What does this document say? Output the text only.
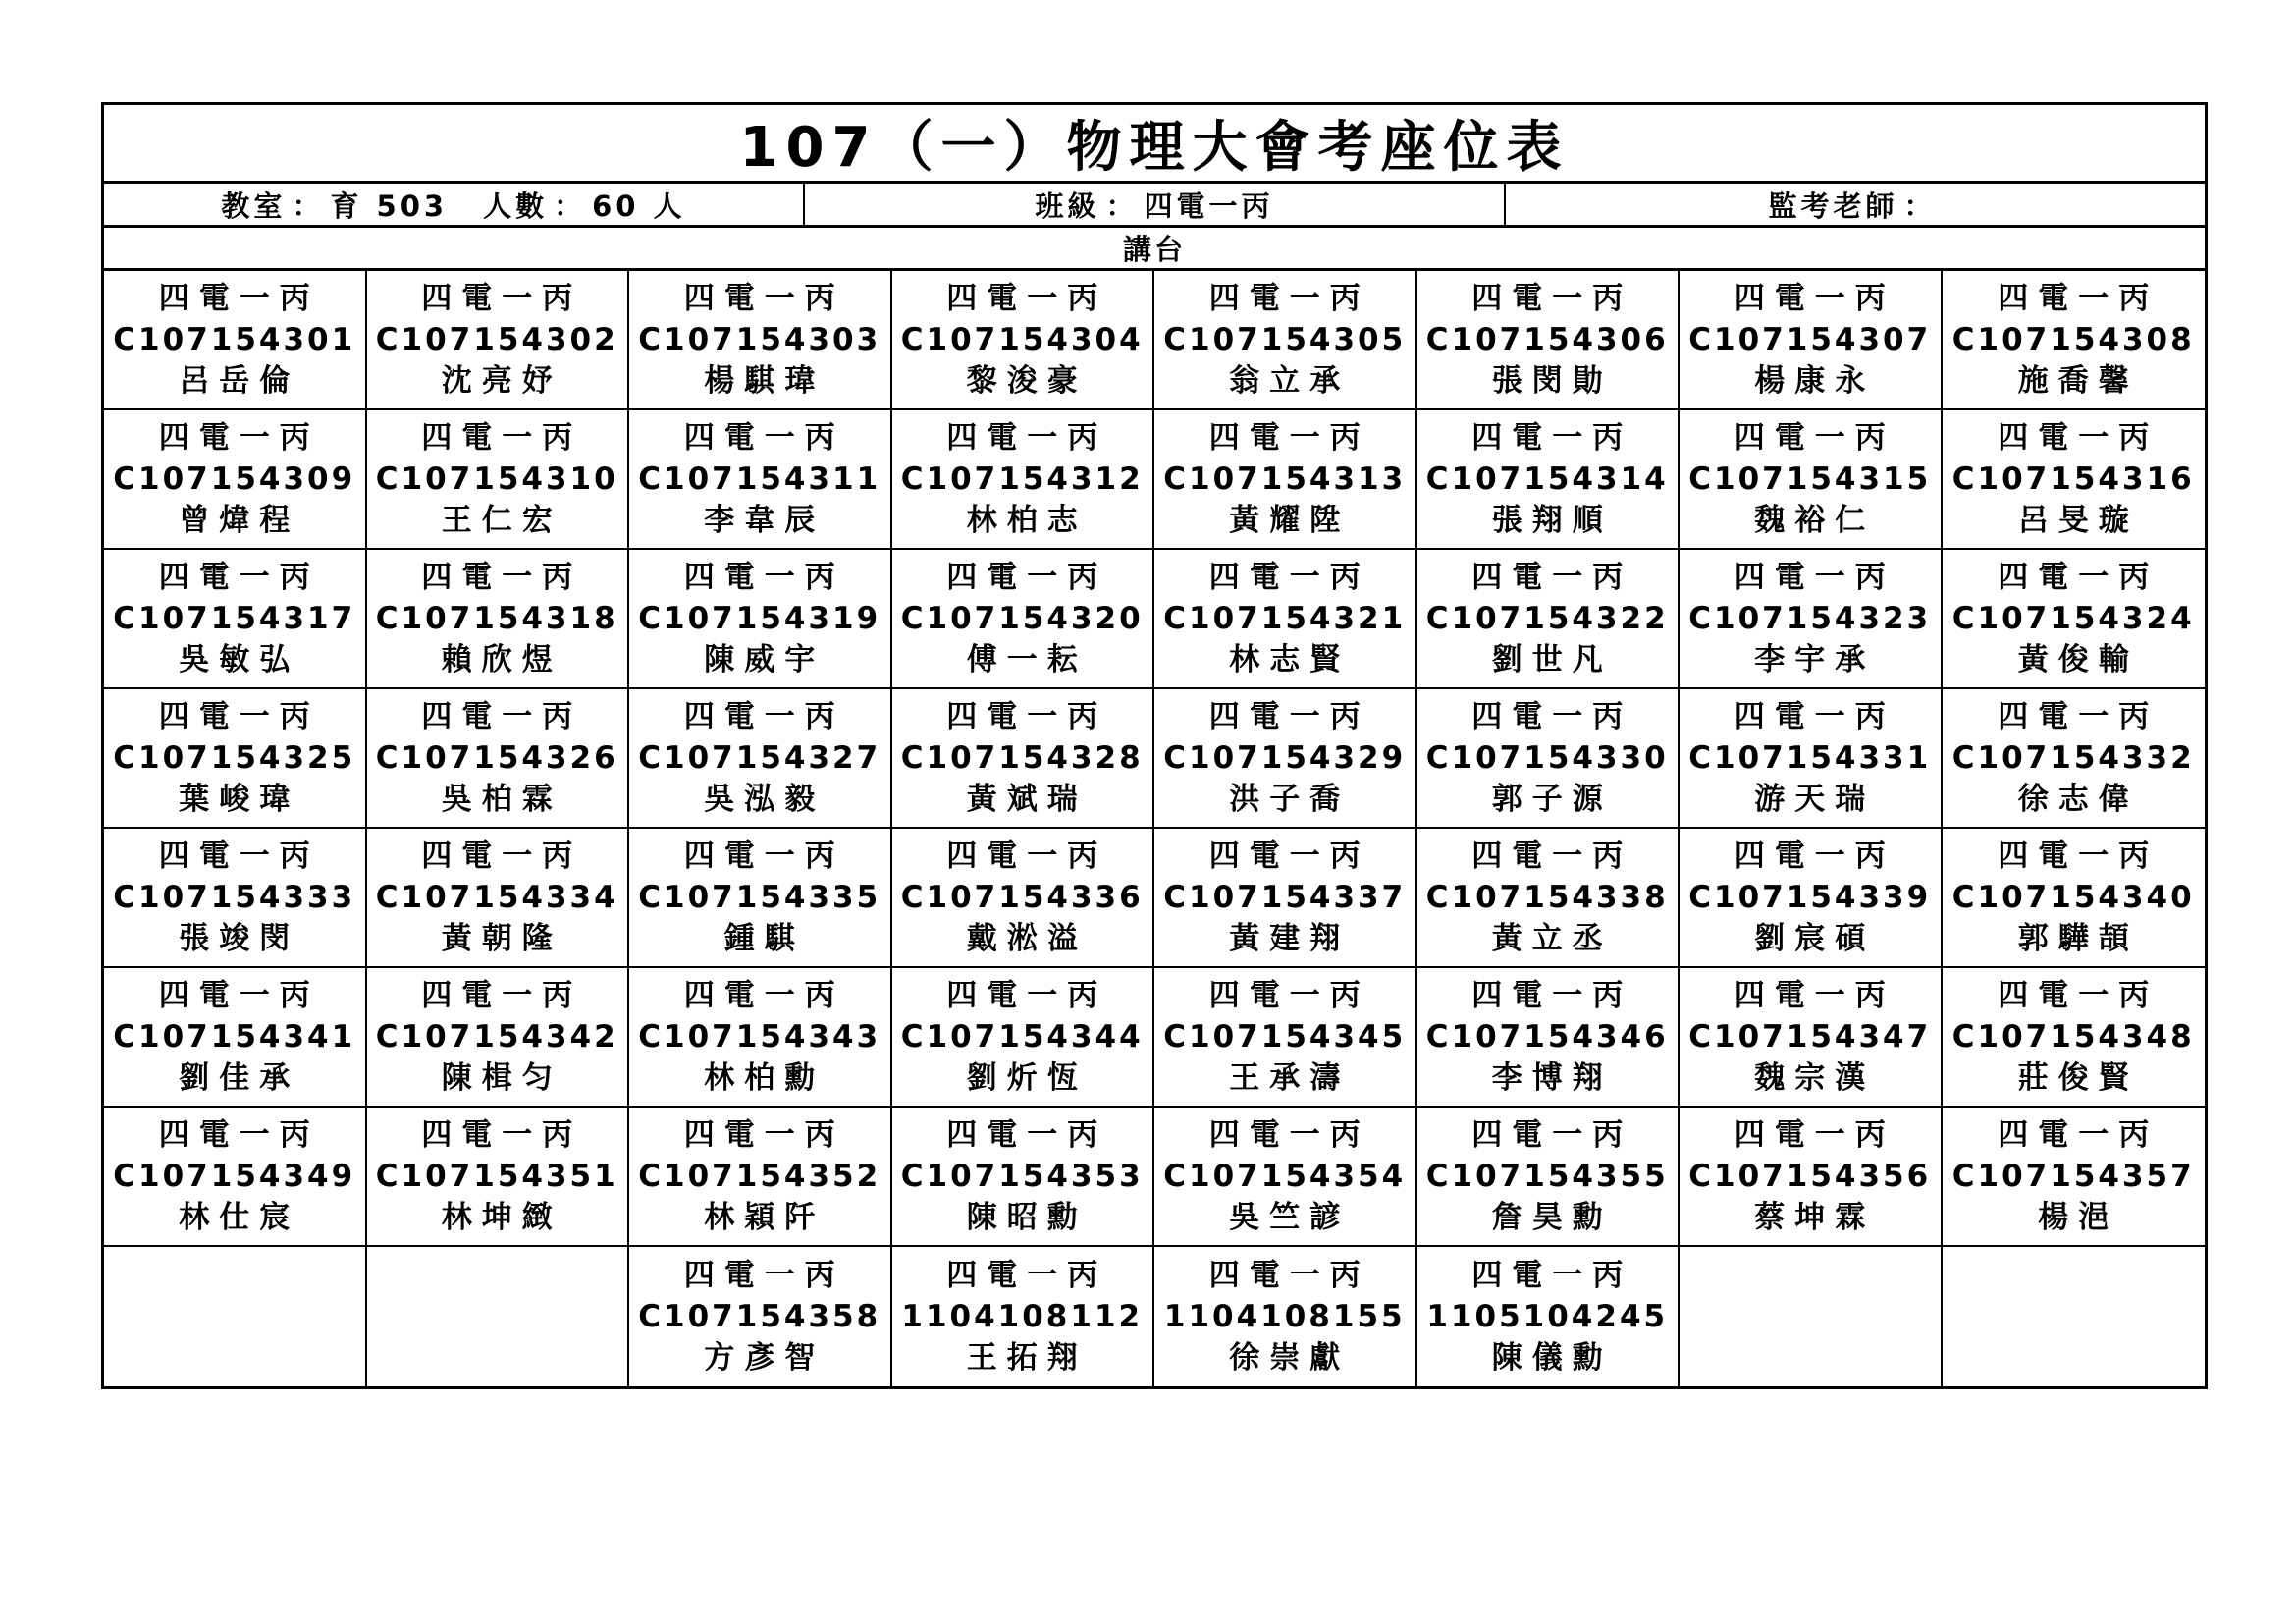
107（一）物理大會考座位表
教室 ： 育 503 人數 ： 60 人	班級 ： 四電一丙	監考老師 ：
講台
四電一丙
C107154301
呂岳倫
四電一丙
C107154302
沈亮妤
四電一丙
C107154303
楊騏瑋
四電一丙
C107154304
黎浚豪
四電一丙
C107154305
翁立承
四電一丙
C107154306
張閔勛
四電一丙
C107154307
楊康永
四電一丙
C107154308
施喬馨
四電一丙
C107154309
曾煒程
四電一丙
C107154310
王仁宏
四電一丙
C107154311
李韋辰
四電一丙
C107154312
林柏志
四電一丙
C107154313
黃耀陞
四電一丙
C107154314
張翔順
四電一丙
C107154315
魏裕仁
四電一丙
C107154316
呂旻璇
四電一丙
C107154317
吳敏弘
四電一丙
C107154318
賴欣煜
四電一丙
C107154319
陳威宇
四電一丙
C107154320
傅一耘
四電一丙
C107154321
林志賢
四電一丙
C107154322
劉世凡
四電一丙
C107154323
李宇承
四電一丙
C107154324
黃俊輸
四電一丙
C107154325
葉峻瑋
四電一丙
C107154326
吳柏霖
四電一丙
C107154327
吳泓毅
四電一丙
C107154328
黃斌瑞
四電一丙
C107154329
洪子喬
四電一丙
C107154330
郭子源
四電一丙
C107154331
游天瑞
四電一丙
C107154332
徐志偉
四電一丙
C107154333
張竣閔
四電一丙
C107154334
黃朝隆
四電一丙
C107154335
鍾騏
四電一丙
C107154336
戴淞溢
四電一丙
C107154337
黃建翔
四電一丙
C107154338
黃立丞
四電一丙
C107154339
劉宸碩
四電一丙
C107154340
郭驊頡
四電一丙
C107154341
劉佳承
四電一丙
C107154342
陳楫匀
四電一丙
C107154343
林柏勳
四電一丙
C107154344
劉炘恆
四電一丙
C107154345
王承濤
四電一丙
C107154346
李博翔
四電一丙
C107154347
魏宗漢
四電一丙
C107154348
莊俊賢
四電一丙
C107154349
林仕宸
四電一丙
C107154351
林坤緻
四電一丙
C107154352
林穎阡
四電一丙
C107154353
陳昭勳
四電一丙
C107154354
吳竺諺
四電一丙
C107154355
詹昊勳
四電一丙
C107154356
蔡坤霖
四電一丙
C107154357
楊浥
四電一丙
C107154358
方彥智
四電一丙
1104108112
王拓翔
四電一丙
1104108155
徐崇獻
四電一丙
1105104245
陳儀勳
